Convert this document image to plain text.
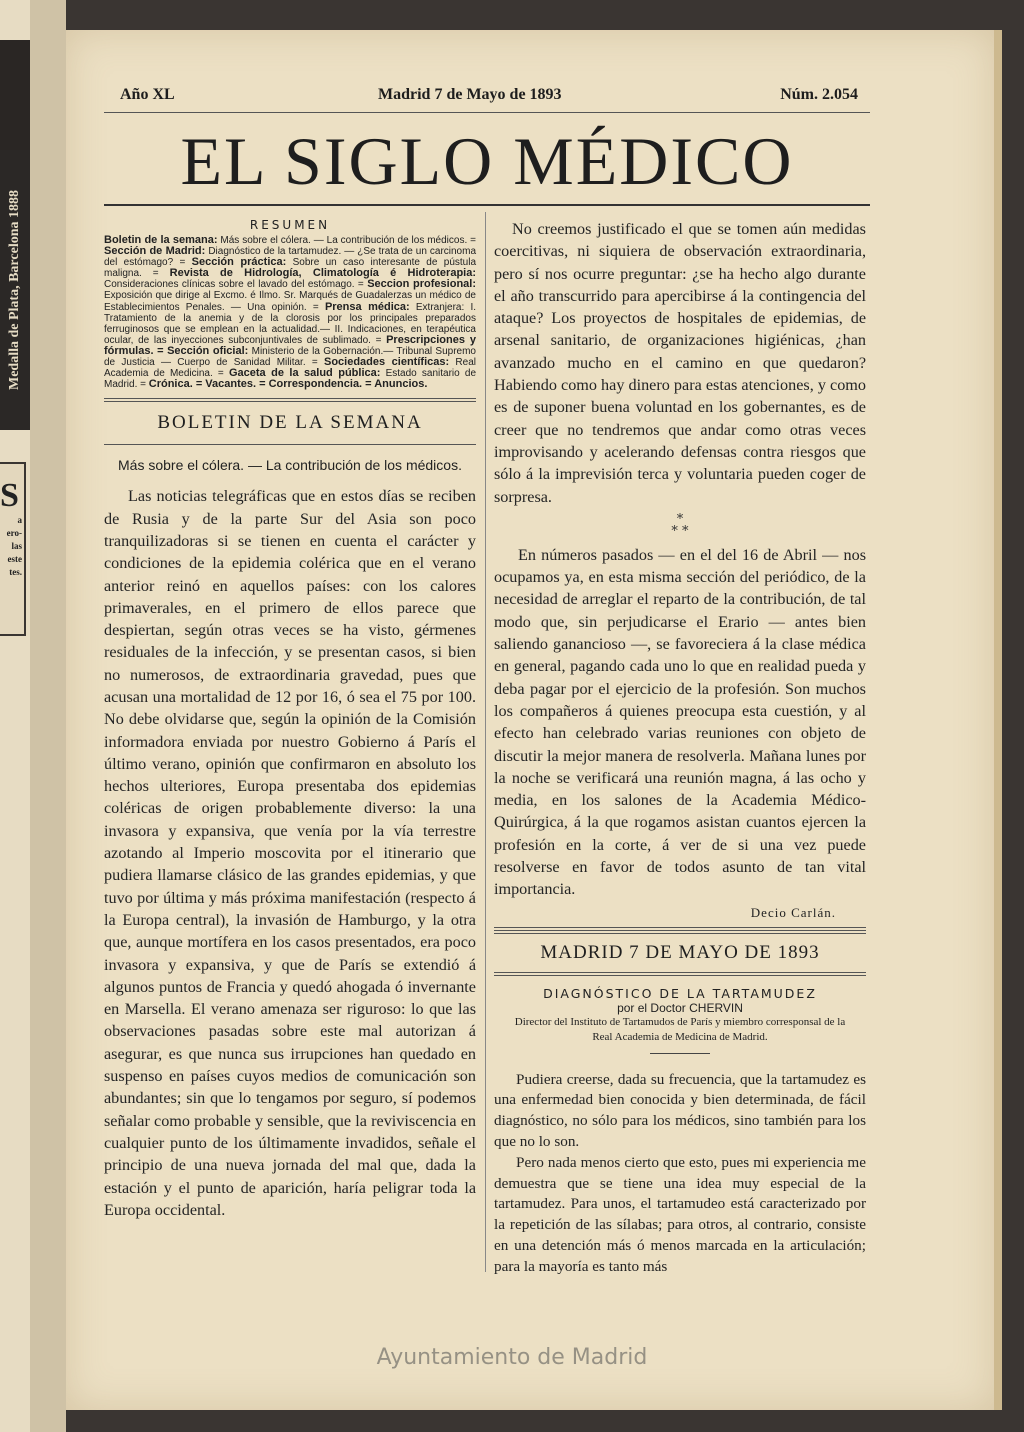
Medalla de Plata, Barcelona 1888
S
a
ero-
las
este
tes.
Año XL	Madrid 7 de Mayo de 1893	Núm. 2.054
EL SIGLO MÉDICO
RESUMEN
Boletin de la semana: Más sobre el cólera. — La contribución de los médicos. = Sección de Madrid: Diagnóstico de la tartamudez. — ¿Se trata de un carcinoma del estómago? = Sección práctica: Sobre un caso interesante de pústula maligna. = Revista de Hidrología, Climatología é Hidroterapia: Consideraciones clínicas sobre el lavado del estómago. = Seccion profesional: Exposición que dirige al Excmo. é Ilmo. Sr. Marqués de Guadalerzas un médico de Establecimientos Penales. — Una opinión. = Prensa médica: Extranjera: I. Tratamiento de la anemia y de la clorosis por los principales preparados ferruginosos que se emplean en la actualidad.— II. Indicaciones, en terapéutica ocular, de las inyecciones subconjuntivales de sublimado. = Prescripciones y fórmulas. = Sección oficial: Ministerio de la Gobernación.— Tribunal Supremo de Justicia — Cuerpo de Sanidad Militar. = Sociedades científicas: Real Academia de Medicina. = Gaceta de la salud pública: Estado sanitario de Madrid. = Crónica. = Vacantes. = Correspondencia. = Anuncios.
BOLETIN DE LA SEMANA
Más sobre el cólera. — La contribución de los médicos.

Las noticias telegráficas que en estos días se reciben de Rusia y de la parte Sur del Asia son poco tranquilizadoras si se tienen en cuenta el carácter y condiciones de la epidemia colérica que en el verano anterior reinó en aquellos países: con los calores primaverales, en el primero de ellos parece que despiertan, según otras veces se ha visto, gérmenes residuales de la infección, y se presentan casos, si bien no numerosos, de extraordinaria gravedad, pues que acusan una mortalidad de 12 por 16, ó sea el 75 por 100. No debe olvidarse que, según la opinión de la Comisión informadora enviada por nuestro Gobierno á París el último verano, opinión que confirmaron en absoluto los hechos ulteriores, Europa presentaba dos epidemias coléricas de origen probablemente diverso: la una invasora y expansiva, que venía por la vía terrestre azotando al Imperio moscovita por el itinerario que pudiera llamarse clásico de las grandes epidemias, y que tuvo por última y más próxima manifestación (respecto á la Europa central), la invasión de Hamburgo, y la otra que, aunque mortífera en los casos presentados, era poco invasora y expansiva, y que de París se extendió á algunos puntos de Francia y quedó ahogada ó invernante en Marsella. El verano amenaza ser riguroso: lo que las observaciones pasadas sobre este mal autorizan á asegurar, es que nunca sus irrupciones han quedado en suspenso en países cuyos medios de comunicación son abundantes; sin que lo tengamos por seguro, sí podemos señalar como probable y sensible, que la reviviscencia en cualquier punto de los últimamente invadidos, señale el principio de una nueva jornada del mal que, dada la estación y el punto de aparición, haría peligrar toda la Europa occidental.

No creemos justificado el que se tomen aún medidas coercitivas, ni siquiera de observación extraordinaria, pero sí nos ocurre preguntar: ¿se ha hecho algo durante el año transcurrido para apercibirse á la contingencia del ataque? Los proyectos de hospitales de epidemias, de arsenal sanitario, de organizaciones higiénicas, ¿han avanzado mucho en el camino en que quedaron? Habiendo como hay dinero para estas atenciones, y como es de suponer buena voluntad en los gobernantes, es de creer que no tendremos que andar como otras veces improvisando y acelerando defensas contra riesgos que sólo á la imprevisión terca y voluntaria pueden coger de sorpresa.

*
* *

En números pasados — en el del 16 de Abril — nos ocupamos ya, en esta misma sección del periódico, de la necesidad de arreglar el reparto de la contribución, de tal modo que, sin perjudicarse el Erario — antes bien saliendo ganancioso —, se favoreciera á la clase médica en general, pagando cada uno lo que en realidad pueda y deba pagar por el ejercicio de la profesión. Son muchos los compañeros á quienes preocupa esta cuestión, y al efecto han celebrado varias reuniones con objeto de discutir la mejor manera de resolverla. Mañana lunes por la noche se verificará una reunión magna, á las ocho y media, en los salones de la Academia Médico-Quirúrgica, á la que rogamos asistan cuantos ejercen la profesión en la corte, á ver de si una vez puede resolverse en favor de todos asunto de tan vital importancia.

Decio Carlán.
MADRID 7 DE MAYO DE 1893
DIAGNÓSTICO DE LA TARTAMUDEZ
por el Doctor CHERVIN
Director del Instituto de Tartamudos de París y miembro corresponsal de la Real Academia de Medicina de Madrid.

Pudiera creerse, dada su frecuencia, que la tartamudez es una enfermedad bien conocida y bien determinada, de fácil diagnóstico, no sólo para los médicos, sino también para los que no lo son.

Pero nada menos cierto que esto, pues mi experiencia me demuestra que se tiene una idea muy especial de la tartamudez. Para unos, el tartamudeo está caracterizado por la repetición de las sílabas; para otros, al contrario, consiste en una detención más ó menos marcada en la articulación; para la mayoría es tanto más

Ayuntamiento de Madrid
